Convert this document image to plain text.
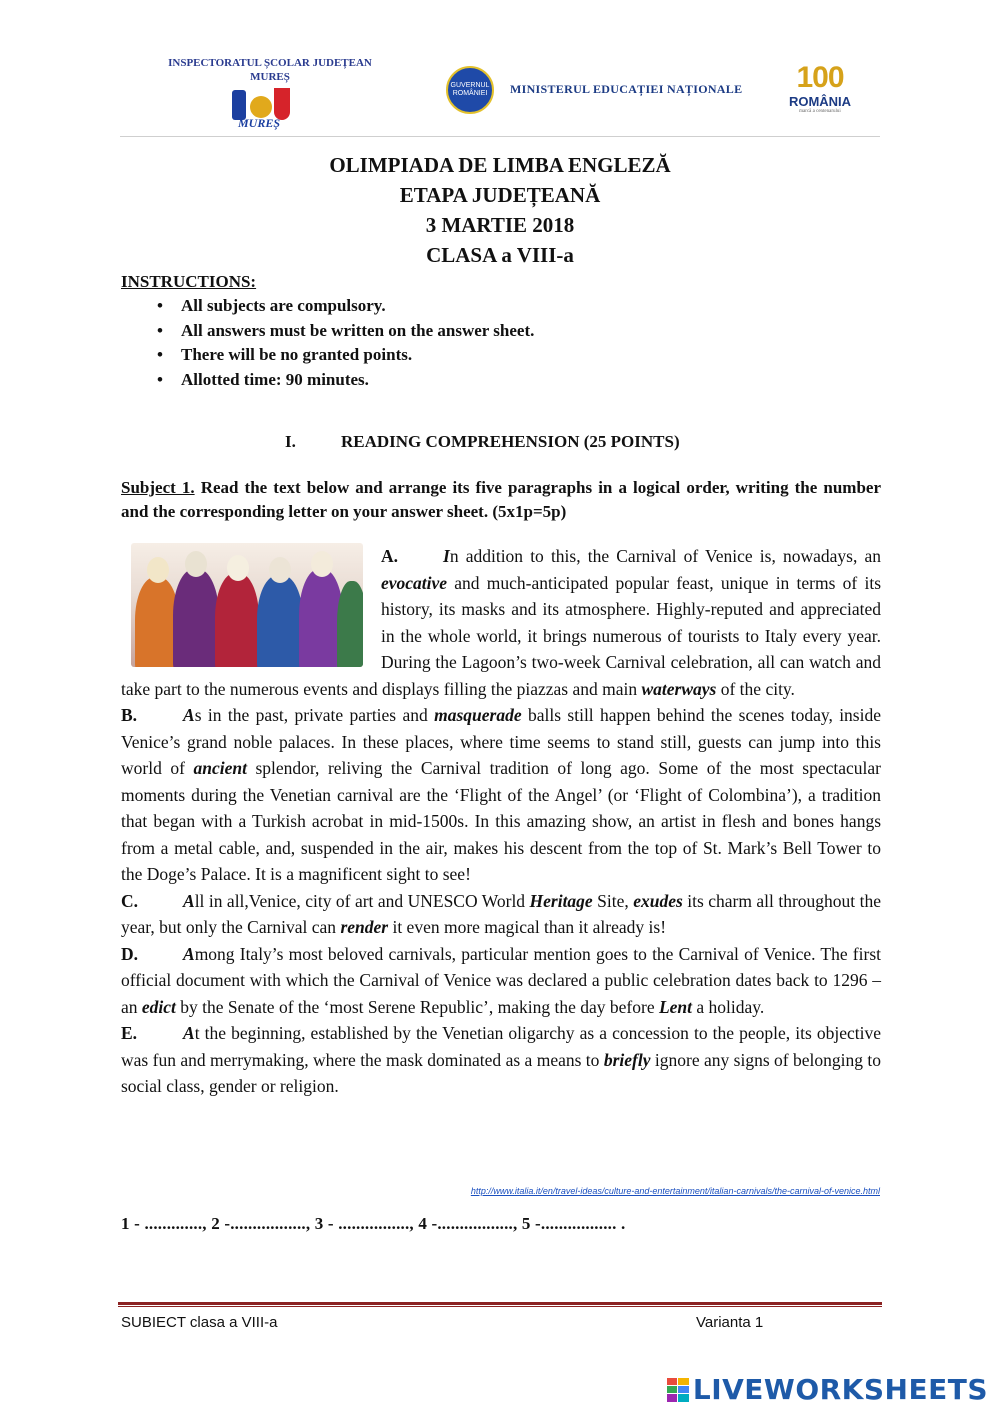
INSPECTORATUL ȘCOLAR JUDEȚEAN
MUREȘ
MUREȘ
GUVERNUL ROMÂNIEI	MINISTERUL EDUCAȚIEI NAȚIONALE	100
ROMÂNIA
marcă a centenarului
OLIMPIADA DE LIMBA ENGLEZĂ
ETAPA JUDEȚEANĂ
3 MARTIE 2018
CLASA a VIII-a
INSTRUCTIONS:
• All subjects are compulsory.
• All answers must be written on the answer sheet.
• There will be no granted points.
• Allotted time: 90 minutes.
I.	READING COMPREHENSION (25 POINTS)
Subject 1. Read the text below and arrange its five paragraphs in a logical order, writing the number and the corresponding letter on your answer sheet. (5x1p=5p)

A.	In addition to this, the Carnival of Venice is, nowadays, an evocative and much-anticipated popular feast, unique in terms of its history, its masks and its atmosphere. Highly-reputed and appreciated in the whole world, it brings numerous of tourists to Italy every year. During the Lagoon’s two-week Carnival celebration, all can watch and take part to the numerous events and displays filling the piazzas and main waterways of the city.

B.	As in the past, private parties and masquerade balls still happen behind the scenes today, inside Venice’s grand noble palaces. In these places, where time seems to stand still, guests can jump into this world of ancient splendor, reliving the Carnival tradition of long ago. Some of the most spectacular moments during the Venetian carnival are the ‘Flight of the Angel’ (or ‘Flight of Colombina’), a tradition that began with a Turkish acrobat in mid-1500s. In this amazing show, an artist in flesh and bones hangs from a metal cable, and, suspended in the air, makes his descent from the top of St. Mark’s Bell Tower to the Doge’s Palace. It is a magnificent sight to see!

C.	All in all,Venice, city of art and UNESCO World Heritage Site, exudes its charm all throughout the year, but only the Carnival can render it even more magical than it already is!

D.	Among Italy’s most beloved carnivals, particular mention goes to the Carnival of Venice. The first official document with which the Carnival of Venice was declared a public celebration dates back to 1296 – an edict by the Senate of the ‘most Serene Republic’, making the day before Lent a holiday.

E.	At the beginning, established by the Venetian oligarchy as a concession to the people, its objective was fun and merrymaking, where the mask dominated as a means to briefly ignore any signs of belonging to social class, gender or religion.

http://www.italia.it/en/travel-ideas/culture-and-entertainment/italian-carnivals/the-carnival-of-venice.html
1 - ............., 2 -................., 3 - ................, 4 -................., 5 -................. .
SUBIECT clasa a VIII-a	Varianta 1
LIVEWORKSHEETS
